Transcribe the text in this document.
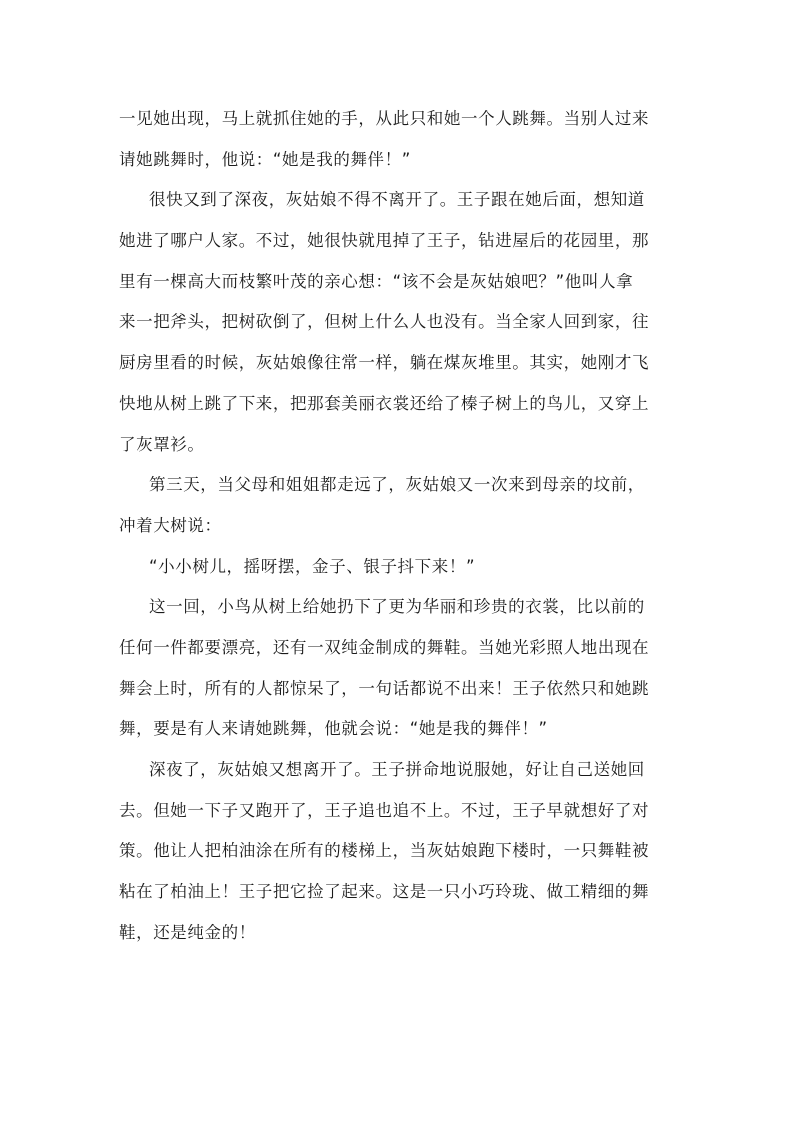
一见她出现，马上就抓住她的手，从此只和她一个人跳舞。当别人过来
请她跳舞时，他说：“她是我的舞伴！”
很快又到了深夜，灰姑娘不得不离开了。王子跟在她后面，想知道
她进了哪户人家。不过，她很快就甩掉了王子，钻进屋后的花园里，那
里有一棵高大而枝繁叶茂的亲心想：“该不会是灰姑娘吧？”他叫人拿
来一把斧头，把树砍倒了，但树上什么人也没有。当全家人回到家，往
厨房里看的时候，灰姑娘像往常一样，躺在煤灰堆里。其实，她刚才飞
快地从树上跳了下来，把那套美丽衣裳还给了榛子树上的鸟儿，又穿上
了灰罩衫。
第三天，当父母和姐姐都走远了，灰姑娘又一次来到母亲的坟前，
冲着大树说：
“小小树儿，摇呀摆，金子、银子抖下来！”
这一回，小鸟从树上给她扔下了更为华丽和珍贵的衣裳，比以前的
任何一件都要漂亮，还有一双纯金制成的舞鞋。当她光彩照人地出现在
舞会上时，所有的人都惊呆了，一句话都说不出来！王子依然只和她跳
舞，要是有人来请她跳舞，他就会说：“她是我的舞伴！”
深夜了，灰姑娘又想离开了。王子拼命地说服她，好让自己送她回
去。但她一下子又跑开了，王子追也追不上。不过，王子早就想好了对
策。他让人把柏油涂在所有的楼梯上，当灰姑娘跑下楼时，一只舞鞋被
粘在了柏油上！王子把它捡了起来。这是一只小巧玲珑、做工精细的舞
鞋，还是纯金的！
